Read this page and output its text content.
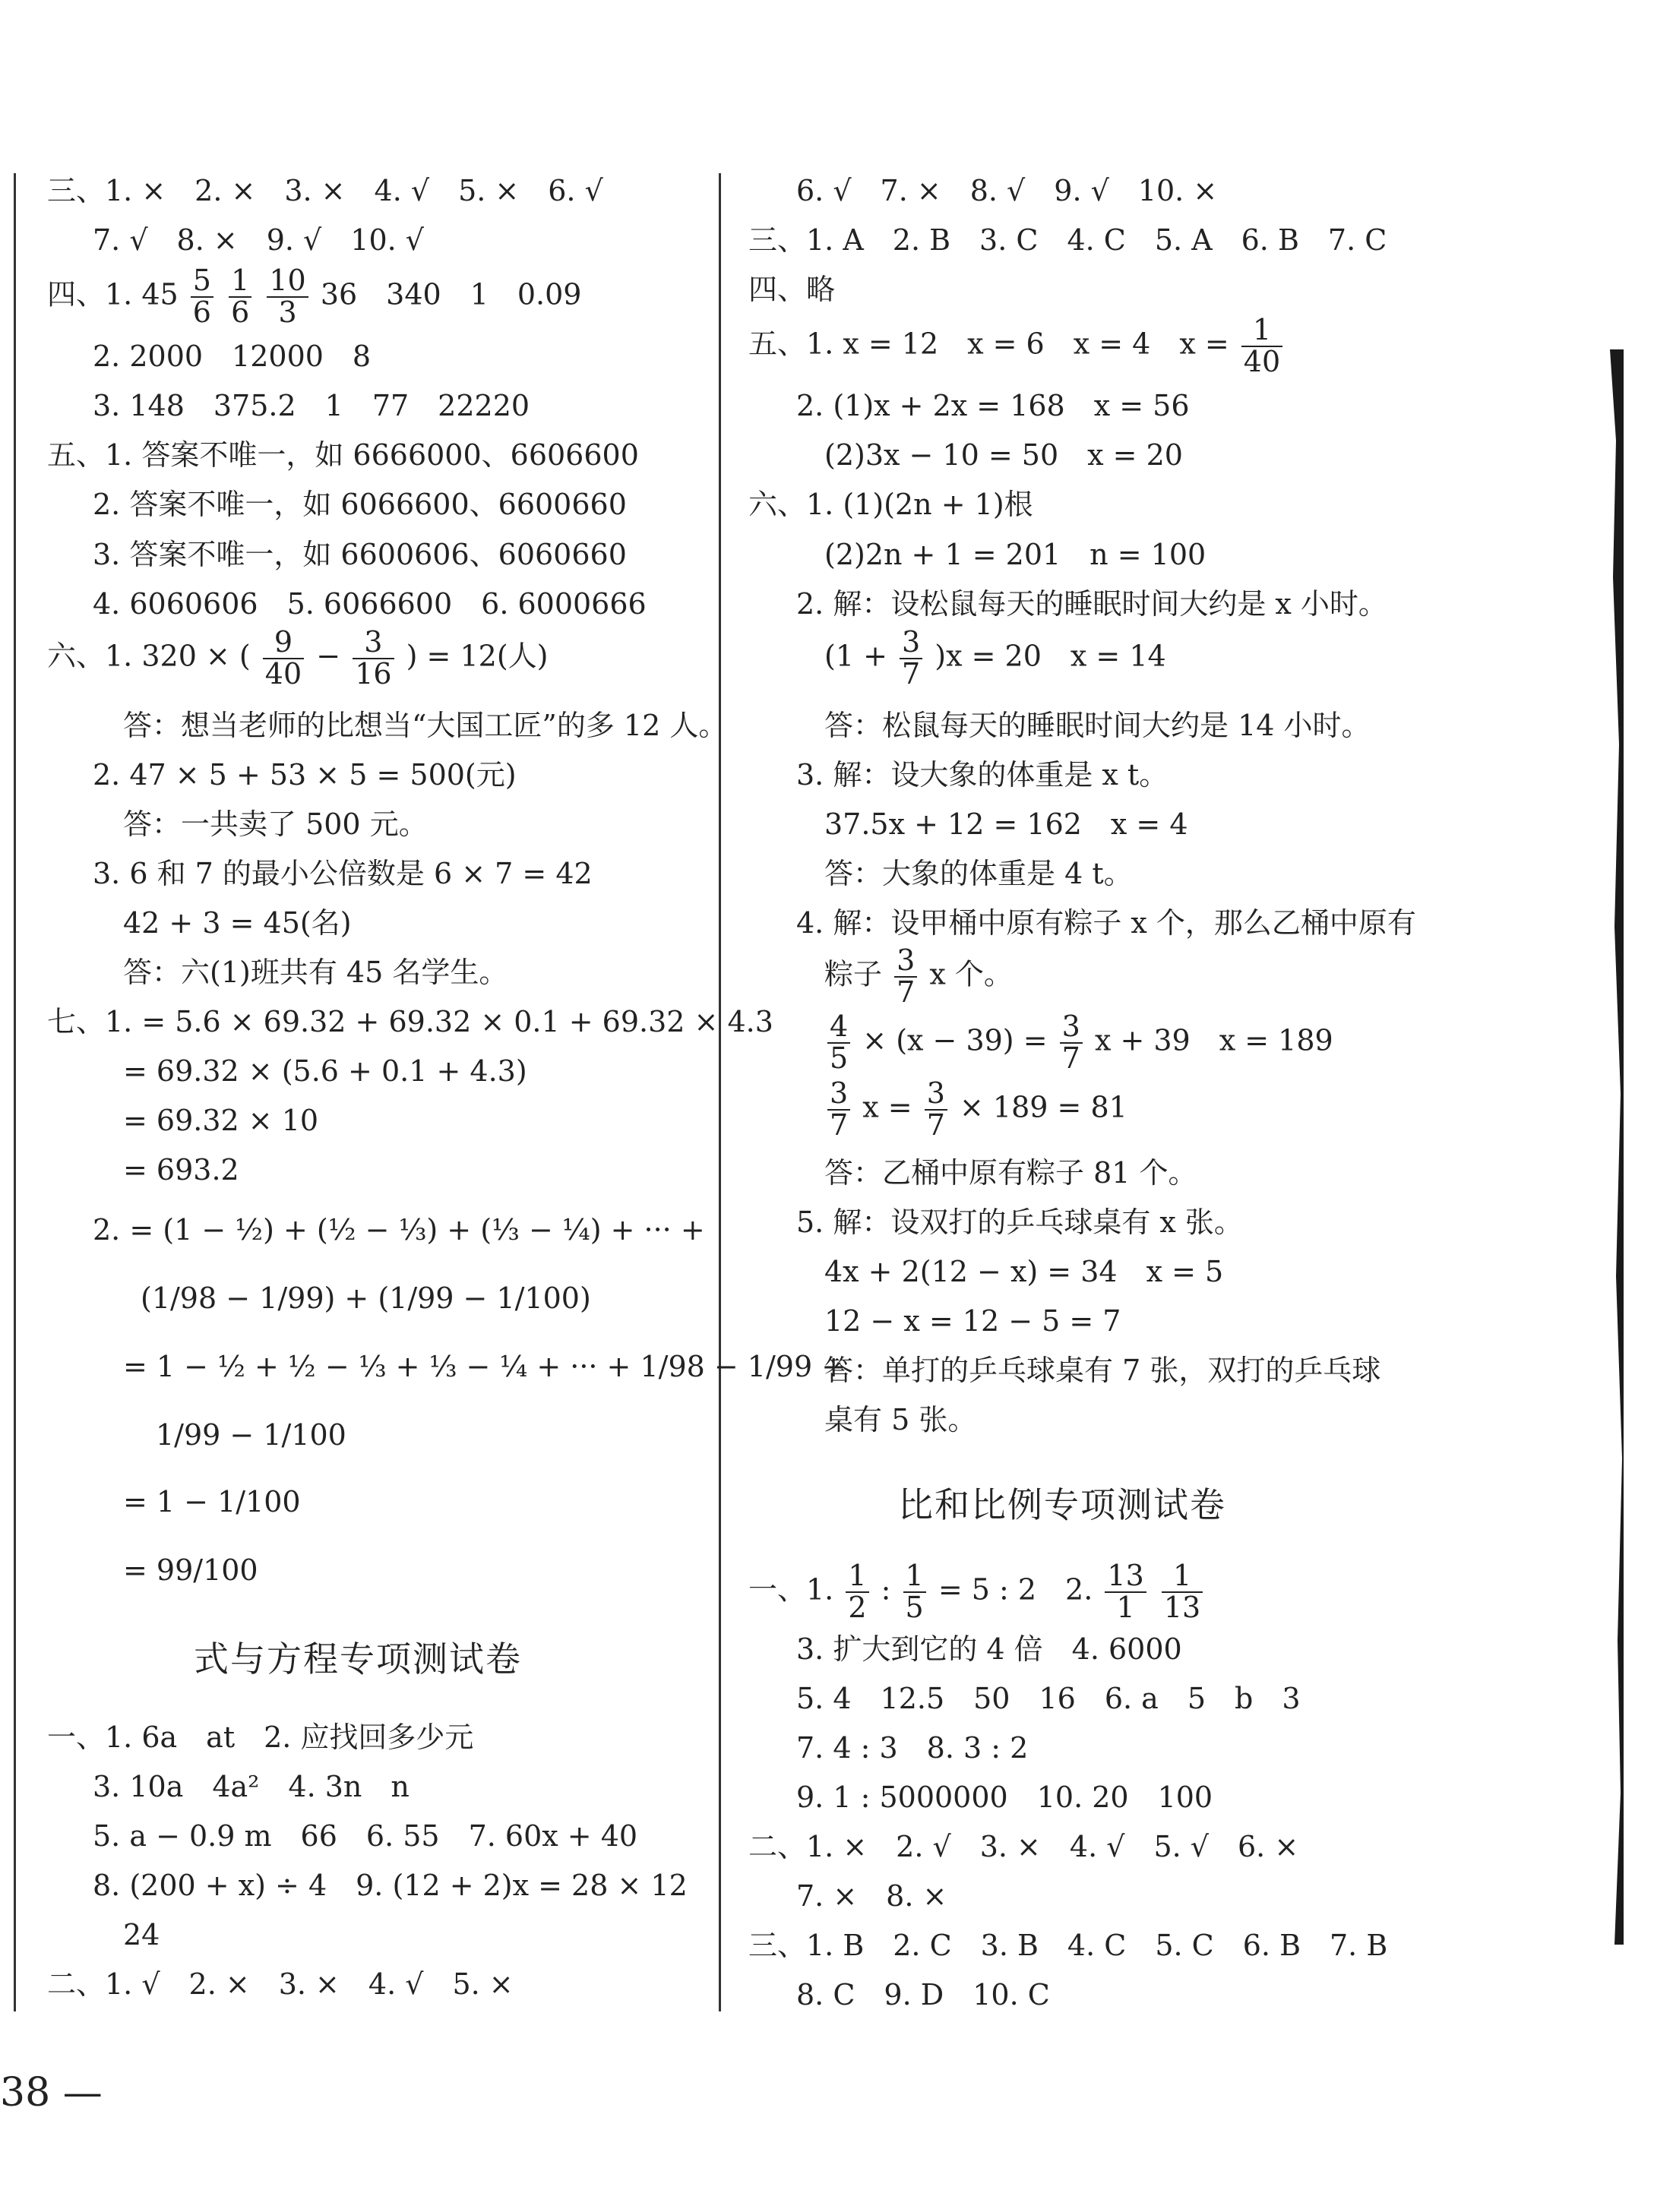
三、1. ×　2. ×　3. ×　4. √　5. ×　6. √
7. √　8. ×　9. √　10. √
四、1. $45 \frac{5}{6}$
$\frac{1}{6}$
$\frac{10}{3} 36$　340　1　0.09
2. 2000　12000　8
3. 148　375.2　1　77　22220
五、1. 答案不唯一，如 6666000、6606600
2. 答案不唯一，如 6066600、6600660
3. 答案不唯一，如 6600606、6060660
4. 6060606　5. 6066600　6. 6000666
六、1. 320 × ( $\frac{9}{40} - \frac{3}{16}$ ) = 12(人)
答：想当老师的比想当“大国工匠”的多 12 人。
2. 47 × 5 + 53 × 5 = 500(元)
答：一共卖了 500 元。
3. 6 和 7 的最小公倍数是 6 × 7 = 42
42 + 3 = 45(名)
答：六(1)班共有 45 名学生。
七、1. = 5.6 × 69.32 + 69.32 × 0.1 + 69.32 × 4.3
= 69.32 × (5.6 + 0.1 + 4.3)
= 69.32 × 10
= 693.2
2. = (1 − ½) + (½ − ⅓) + (⅓ − ¼) + ··· +
(1/98 − 1/99) + (1/99 − 1/100)
= 1 − ½ + ½ − ⅓ + ⅓ − ¼ + ··· + 1/98 − 1/99 +
1/99 − 1/100
= 1 − 1/100
= 99/100
式与方程专项测试卷
一、1. 6a　at　2. 应找回多少元
3. 10a　4a²　4. 3n　n
5. a − 0.9 m　66　6. 55　7. 60x + 40
8. (200 + x) ÷ 4　9. (12 + 2)x = 28 × 12
24
二、1. √　2. ×　3. ×　4. √　5. ×
6. √　7. ×　8. √　9. √　10. ×
三、1. A　2. B　3. C　4. C　5. A　6. B　7. C
四、略
五、1. x = 12　x = 6　x = 4　$x = \frac{1}{40}$
2. (1)x + 2x = 168　x = 56
(2)3x − 10 = 50　x = 20
六、1. (1)(2n + 1)根
(2)2n + 1 = 201　n = 100
2. 解：设松鼠每天的睡眠时间大约是 x 小时。
$(1 + \frac{3}{7} )x = 20$　x = 14
答：松鼠每天的睡眠时间大约是 14 小时。
3. 解：设大象的体重是 x t。
37.5x + 12 = 162　x = 4
答：大象的体重是 4 t。
4. 解：设甲桶中原有粽子 x 个，那么乙桶中原有
粽子 $\frac{3}{7}$ x 个。
$\frac{4}{5} \times (x - 39) = \frac{3}{7}$ x + 39　x = 189
$\frac{3}{7}$ $x = \frac{3}{7} \times 189 = 81$
答：乙桶中原有粽子 81 个。
5. 解：设双打的乒乓球桌有 x 张。
4x + 2(12 − x) = 34　x = 5
12 − x = 12 − 5 = 7
答：单打的乒乓球桌有 7 张，双打的乒乓球
桌有 5 张。
比和比例专项测试卷
一、1. $\frac{1}{2}$ : $\frac{1}{5} = 5$ : 2　2. $\frac{13}{1}$
$\frac{1}{13}$
3. 扩大到它的 4 倍　4. 6000
5. 4　12.5　50　16　6. a　5　b　3
7. 4 : 3　8. 3 : 2
9. 1 : 5000000　10. 20　100
二、1. ×　2. √　3. ×　4. √　5. √　6. ×
7. ×　8. ×
三、1. B　2. C　3. B　4. C　5. C　6. B　7. B
8. C　9. D　10. C
38 —
